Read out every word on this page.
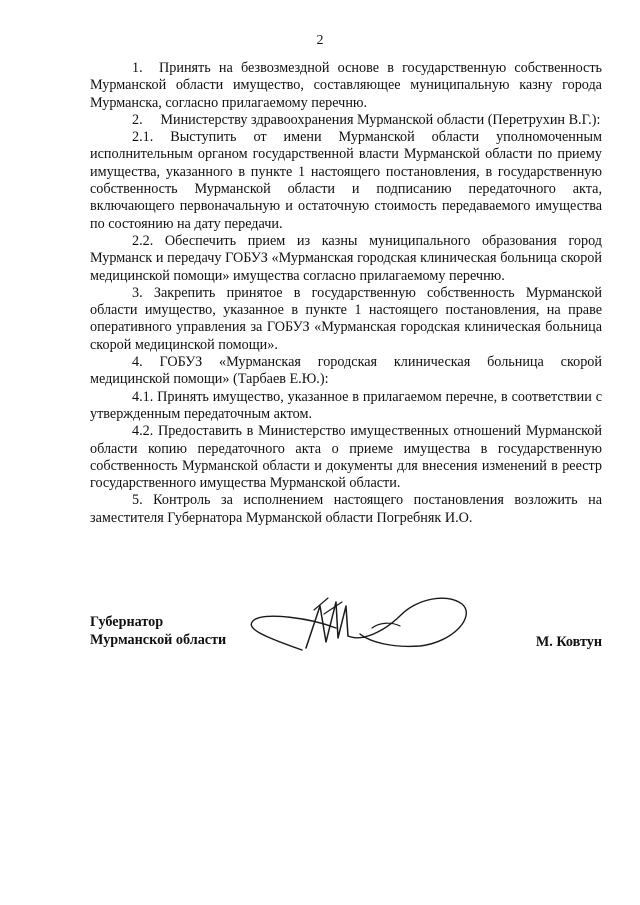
2

1.  Принять на безвозмездной основе в государственную собственность Мурманской области имущество, составляющее муниципальную казну города Мурманска, согласно прилагаемому перечню.

2.     Министерству здравоохранения Мурманской области (Перетрухин В.Г.):

2.1. Выступить от имени Мурманской области уполномоченным исполнительным органом государственной власти Мурманской области по приему имущества, указанного в пункте 1 настоящего постановления, в государственную собственность Мурманской области и подписанию передаточного акта, включающего первоначальную и остаточную стоимость передаваемого имущества по состоянию на дату передачи.

2.2. Обеспечить прием из казны муниципального образования город Мурманск и передачу ГОБУЗ «Мурманская городская клиническая больница скорой медицинской помощи» имущества согласно прилагаемому перечню.

3. Закрепить принятое в государственную собственность Мурманской области имущество, указанное в пункте 1 настоящего постановления, на праве оперативного управления за ГОБУЗ «Мурманская городская клиническая больница скорой медицинской помощи».

4. ГОБУЗ «Мурманская городская клиническая больница скорой медицинской помощи» (Тарбаев Е.Ю.):

4.1. Принять имущество, указанное в прилагаемом перечне, в соответствии с утвержденным передаточным актом.

4.2. Предоставить в Министерство имущественных отношений Мурманской области копию передаточного акта о приеме имущества в государственную собственность Мурманской области и документы для внесения изменений в реестр государственного имущества Мурманской области.

5. Контроль за исполнением настоящего постановления возложить на заместителя Губернатора Мурманской области Погребняк И.О.

Губернатор
Мурманской области	М. Ковтун
